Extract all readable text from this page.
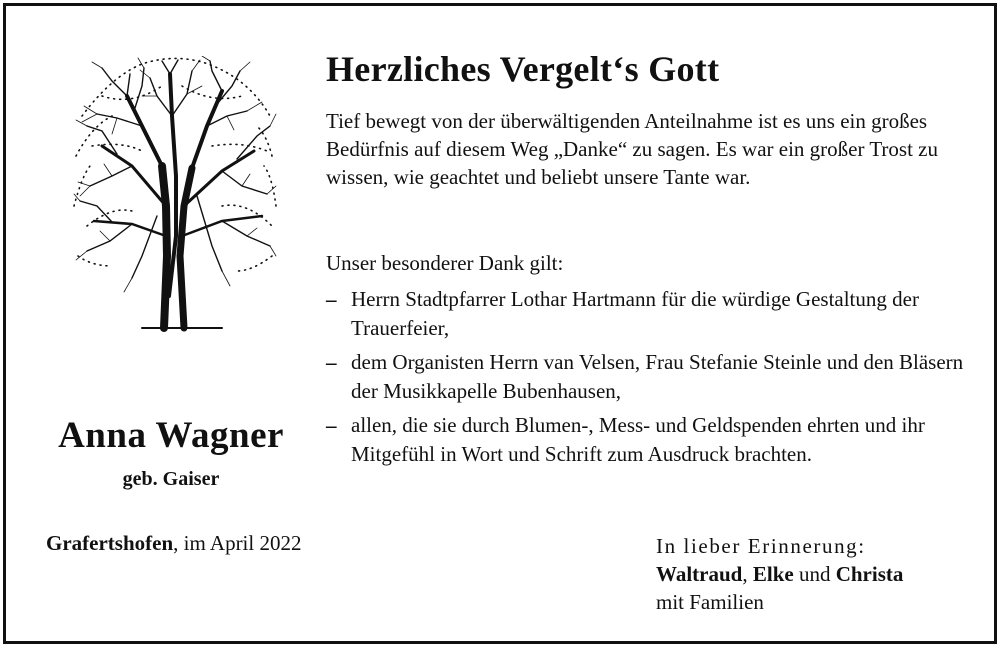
Anna Wagner
geb. Gaiser
Herzliches Vergelt‘s Gott
Tief bewegt von der überwältigenden Anteilnahme ist es uns ein großes Bedürfnis auf diesem Weg „Danke“ zu sagen. Es war ein großer Trost zu wissen, wie geachtet und beliebt unsere Tante war.
Unser besonderer Dank gilt:
– Herrn Stadtpfarrer Lothar Hartmann für die würdige Gestaltung der Trauerfeier,
– dem Organisten Herrn van Velsen, Frau Stefanie Steinle und den Bläsern der Musikkapelle Bubenhausen,
– allen, die sie durch Blumen-, Mess- und Geldspenden ehrten und ihr Mitgefühl in Wort und Schrift zum Ausdruck brachten.
Grafertshofen, im April 2022	In lieber Erinnerung:
Waltraud, Elke und Christa
mit Familien
